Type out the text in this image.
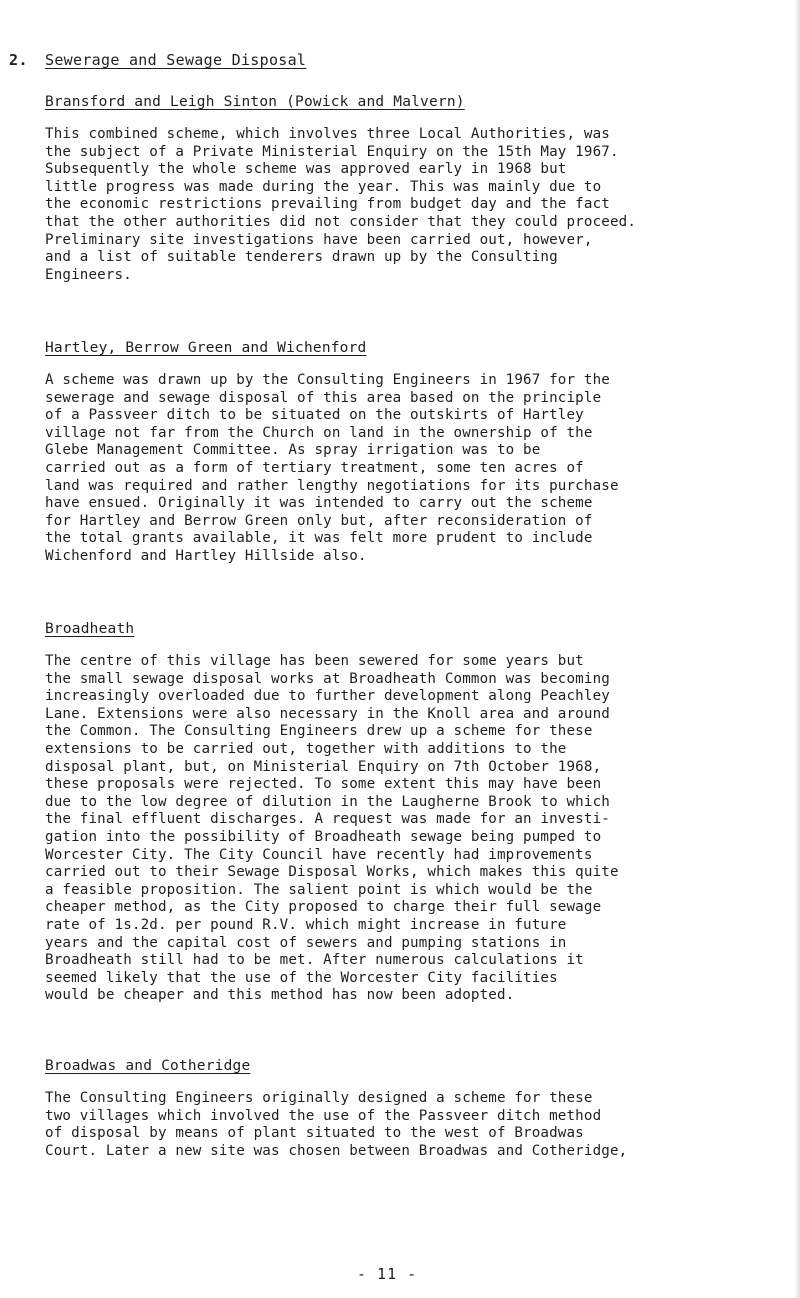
2. Sewerage and Sewage Disposal
Bransford and Leigh Sinton (Powick and Malvern)
This combined scheme, which involves three Local Authorities, was
the subject of a Private Ministerial Enquiry on the 15th May 1967.
Subsequently the whole scheme was approved early in 1968 but
little progress was made during the year. This was mainly due to
the economic restrictions prevailing from budget day and the fact
that the other authorities did not consider that they could proceed.
Preliminary site investigations have been carried out, however,
and a list of suitable tenderers drawn up by the Consulting
Engineers.
Hartley, Berrow Green and Wichenford
A scheme was drawn up by the Consulting Engineers in 1967 for the
sewerage and sewage disposal of this area based on the principle
of a Passveer ditch to be situated on the outskirts of Hartley
village not far from the Church on land in the ownership of the
Glebe Management Committee. As spray irrigation was to be
carried out as a form of tertiary treatment, some ten acres of
land was required and rather lengthy negotiations for its purchase
have ensued. Originally it was intended to carry out the scheme
for Hartley and Berrow Green only but, after reconsideration of
the total grants available, it was felt more prudent to include
Wichenford and Hartley Hillside also.
Broadheath
The centre of this village has been sewered for some years but
the small sewage disposal works at Broadheath Common was becoming
increasingly overloaded due to further development along Peachley
Lane. Extensions were also necessary in the Knoll area and around
the Common. The Consulting Engineers drew up a scheme for these
extensions to be carried out, together with additions to the
disposal plant, but, on Ministerial Enquiry on 7th October 1968,
these proposals were rejected. To some extent this may have been
due to the low degree of dilution in the Laugherne Brook to which
the final effluent discharges. A request was made for an investi-
gation into the possibility of Broadheath sewage being pumped to
Worcester City. The City Council have recently had improvements
carried out to their Sewage Disposal Works, which makes this quite
a feasible proposition. The salient point is which would be the
cheaper method, as the City proposed to charge their full sewage
rate of 1s.2d. per pound R.V. which might increase in future
years and the capital cost of sewers and pumping stations in
Broadheath still had to be met. After numerous calculations it
seemed likely that the use of the Worcester City facilities
would be cheaper and this method has now been adopted.
Broadwas and Cotheridge
The Consulting Engineers originally designed a scheme for these
two villages which involved the use of the Passveer ditch method
of disposal by means of plant situated to the west of Broadwas
Court. Later a new site was chosen between Broadwas and Cotheridge,
- 11 -
